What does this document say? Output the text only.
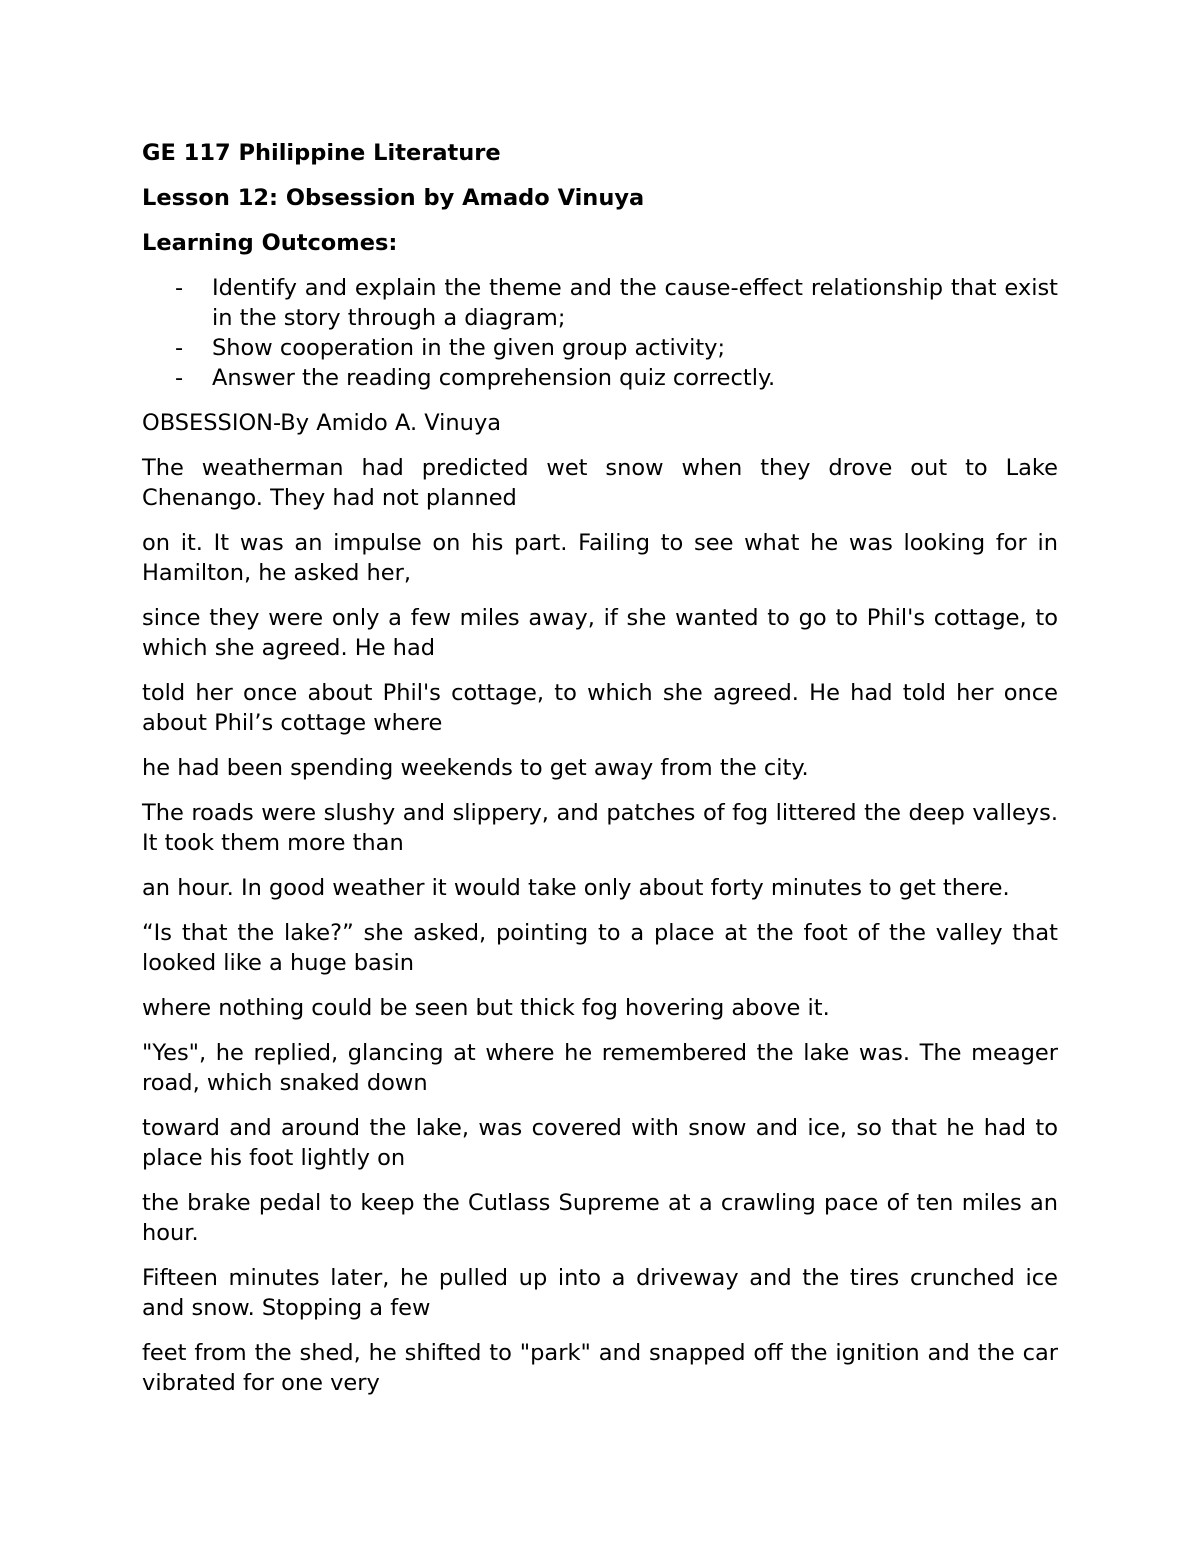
GE 117 Philippine Literature
Lesson 12: Obsession by Amado Vinuya
Learning Outcomes:
- Identify and explain the theme and the cause-effect relationship that exist in the story through a diagram;
- Show cooperation in the given group activity;
- Answer the reading comprehension quiz correctly.

OBSESSION-By Amido A. Vinuya

The weatherman had predicted wet snow when they drove out to Lake Chenango. They had not planned

on it. It was an impulse on his part. Failing to see what he was looking for in Hamilton, he asked her,

since they were only a few miles away, if she wanted to go to Phil's cottage, to which she agreed. He had

told her once about Phil's cottage, to which she agreed. He had told her once about Phil’s cottage where

he had been spending weekends to get away from the city.

The roads were slushy and slippery, and patches of fog littered the deep valleys. It took them more than

an hour. In good weather it would take only about forty minutes to get there.

“Is that the lake?” she asked, pointing to a place at the foot of the valley that looked like a huge basin

where nothing could be seen but thick fog hovering above it.

"Yes", he replied, glancing at where he remembered the lake was. The meager road, which snaked down

toward and around the lake, was covered with snow and ice, so that he had to place his foot lightly on

the brake pedal to keep the Cutlass Supreme at a crawling pace of ten miles an hour.

Fifteen minutes later, he pulled up into a driveway and the tires crunched ice and snow. Stopping a few

feet from the shed, he shifted to "park" and snapped off the ignition and the car vibrated for one very
